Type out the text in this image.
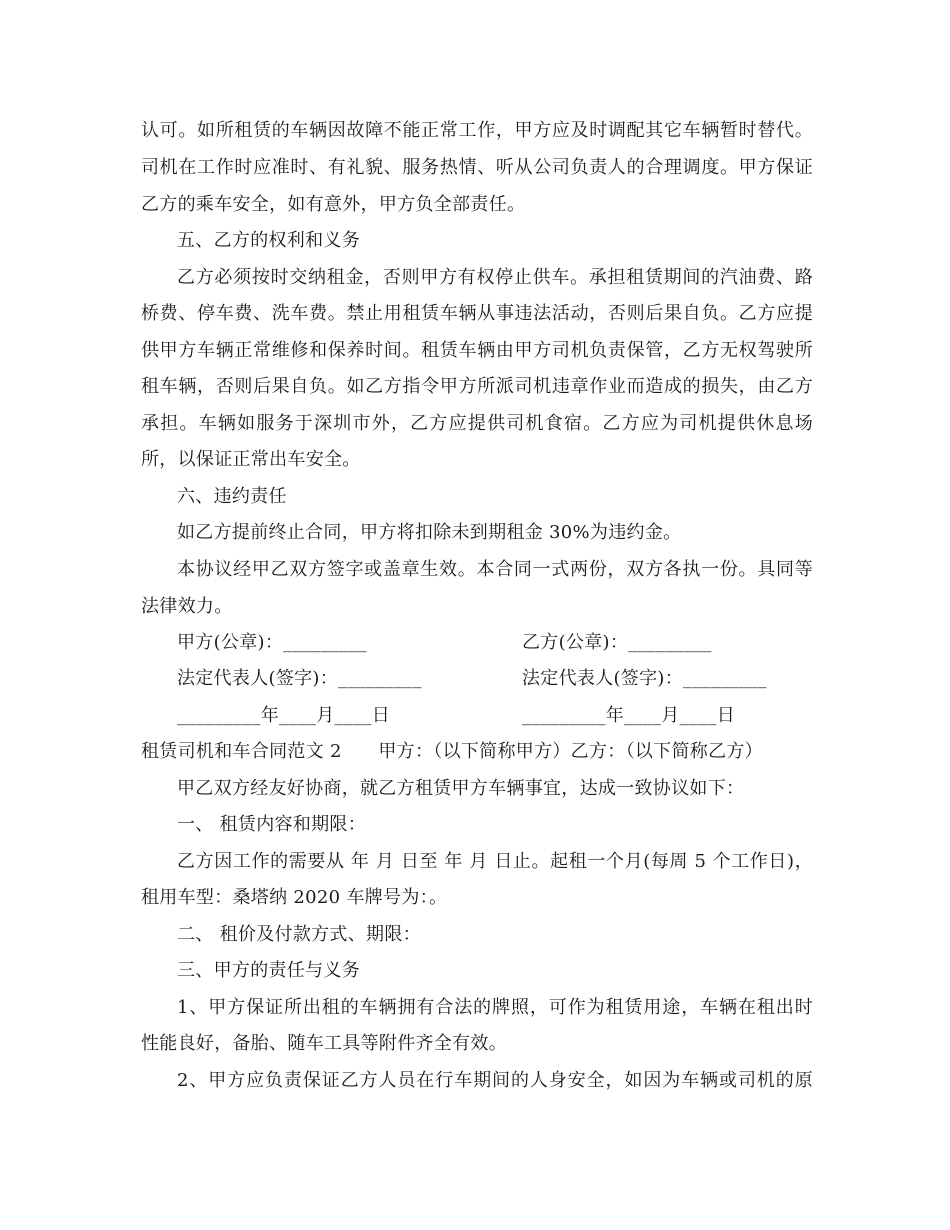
认可。如所租赁的车辆因故障不能正常工作，甲方应及时调配其它车辆暂时替代。
司机在工作时应准时、有礼貌、服务热情、听从公司负责人的合理调度。甲方保证
乙方的乘车安全，如有意外，甲方负全部责任。
五、乙方的权利和义务
乙方必须按时交纳租金，否则甲方有权停止供车。承担租赁期间的汽油费、路
桥费、停车费、洗车费。禁止用租赁车辆从事违法活动，否则后果自负。乙方应提
供甲方车辆正常维修和保养时间。租赁车辆由甲方司机负责保管，乙方无权驾驶所
租车辆，否则后果自负。如乙方指令甲方所派司机违章作业而造成的损失，由乙方
承担。车辆如服务于深圳市外，乙方应提供司机食宿。乙方应为司机提供休息场
所，以保证正常出车安全。
六、违约责任
如乙方提前终止合同，甲方将扣除未到期租金 30%为违约金。
本协议经甲乙双方签字或盖章生效。本合同一式两份，双方各执一份。具同等
法律效力。
甲方(公章)：_________	乙方(公章)：_________
法定代表人(签字)：_________	法定代表人(签字)：_________
_________年____月____日	_________年____月____日
租赁司机和车合同范文 2　　甲方：（以下简称甲方）乙方：（以下简称乙方）
甲乙双方经友好协商，就乙方租赁甲方车辆事宜，达成一致协议如下：
一、 租赁内容和期限：
乙方因工作的需要从 年 月 日至 年 月 日止。起租一个月(每周 5 个工作日)，
租用车型：桑塔纳 2020 车牌号为：。
二、 租价及付款方式、期限：
三、甲方的责任与义务
1、甲方保证所出租的车辆拥有合法的牌照，可作为租赁用途，车辆在租出时
性能良好，备胎、随车工具等附件齐全有效。
2、甲方应负责保证乙方人员在行车期间的人身安全，如因为车辆或司机的原
